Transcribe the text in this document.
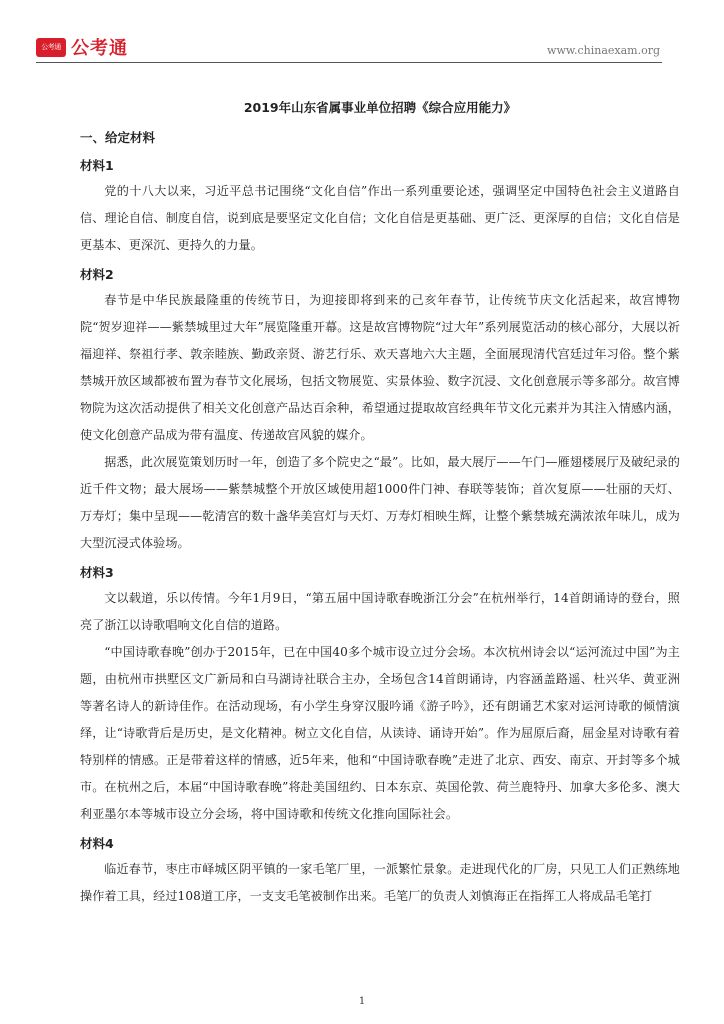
公考通 公考通	www.chinaexam.org
2019年山东省属事业单位招聘《综合应用能力》
一、给定材料
材料1

党的十八大以来，习近平总书记围绕“文化自信”作出一系列重要论述，强调坚定中国特色社会主义道路自信、理论自信、制度自信，说到底是要坚定文化自信；文化自信是更基础、更广泛、更深厚的自信；文化自信是更基本、更深沉、更持久的力量。

材料2

春节是中华民族最隆重的传统节日，为迎接即将到来的己亥年春节，让传统节庆文化活起来，故宫博物院“贺岁迎祥——紫禁城里过大年”展览隆重开幕。这是故宫博物院“过大年”系列展览活动的核心部分，大展以祈福迎祥、祭祖行孝、敦亲睦族、勤政亲贤、游艺行乐、欢天喜地六大主题，全面展现清代宫廷过年习俗。整个紫禁城开放区域都被布置为春节文化展场，包括文物展览、实景体验、数字沉浸、文化创意展示等多部分。故宫博物院为这次活动提供了相关文化创意产品达百余种，希望通过提取故宫经典年节文化元素并为其注入情感内涵，使文化创意产品成为带有温度、传递故宫风貌的媒介。

据悉，此次展览策划历时一年，创造了多个院史之“最”。比如，最大展厅——午门—雁翅楼展厅及破纪录的近千件文物；最大展场——紫禁城整个开放区域使用超1000件门神、春联等装饰；首次复原——壮丽的天灯、万寿灯；集中呈现——乾清宫的数十盏华美宫灯与天灯、万寿灯相映生辉，让整个紫禁城充满浓浓年味儿，成为大型沉浸式体验场。

材料3

文以载道，乐以传情。今年1月9日，“第五届中国诗歌春晚浙江分会”在杭州举行，14首朗诵诗的登台，照亮了浙江以诗歌唱响文化自信的道路。

“中国诗歌春晚”创办于2015年，已在中国40多个城市设立过分会场。本次杭州诗会以“运河流过中国”为主题，由杭州市拱墅区文广新局和白马湖诗社联合主办，全场包含14首朗诵诗，内容涵盖路遥、杜兴华、黄亚洲等著名诗人的新诗佳作。在活动现场，有小学生身穿汉服吟诵《游子吟》，还有朗诵艺术家对运河诗歌的倾情演绎，让“诗歌背后是历史，是文化精神。树立文化自信，从读诗、诵诗开始”。作为屈原后裔，屈金星对诗歌有着特别样的情感。正是带着这样的情感，近5年来，他和“中国诗歌春晚”走进了北京、西安、南京、开封等多个城市。在杭州之后，本届“中国诗歌春晚”将赴美国纽约、日本东京、英国伦敦、荷兰鹿特丹、加拿大多伦多、澳大利亚墨尔本等城市设立分会场，将中国诗歌和传统文化推向国际社会。

材料4

临近春节，枣庄市峄城区阴平镇的一家毛笔厂里，一派繁忙景象。走进现代化的厂房，只见工人们正熟练地操作着工具，经过108道工序，一支支毛笔被制作出来。毛笔厂的负责人刘慎海正在指挥工人将成品毛笔打

1
